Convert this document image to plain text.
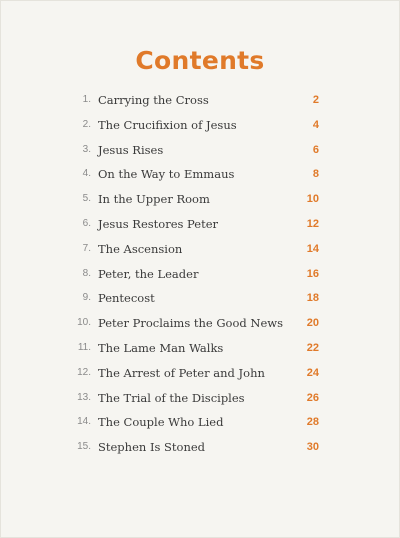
Contents
1. Carrying the Cross	2
2. The Crucifixion of Jesus	4
3. Jesus Rises	6
4. On the Way to Emmaus	8
5. In the Upper Room	10
6. Jesus Restores Peter	12
7. The Ascension	14
8. Peter, the Leader	16
9. Pentecost	18
10. Peter Proclaims the Good News 20
11. The Lame Man Walks	22
12. The Arrest of Peter and John	24
13. The Trial of the Disciples	26
14. The Couple Who Lied	28
15. Stephen Is Stoned	30
